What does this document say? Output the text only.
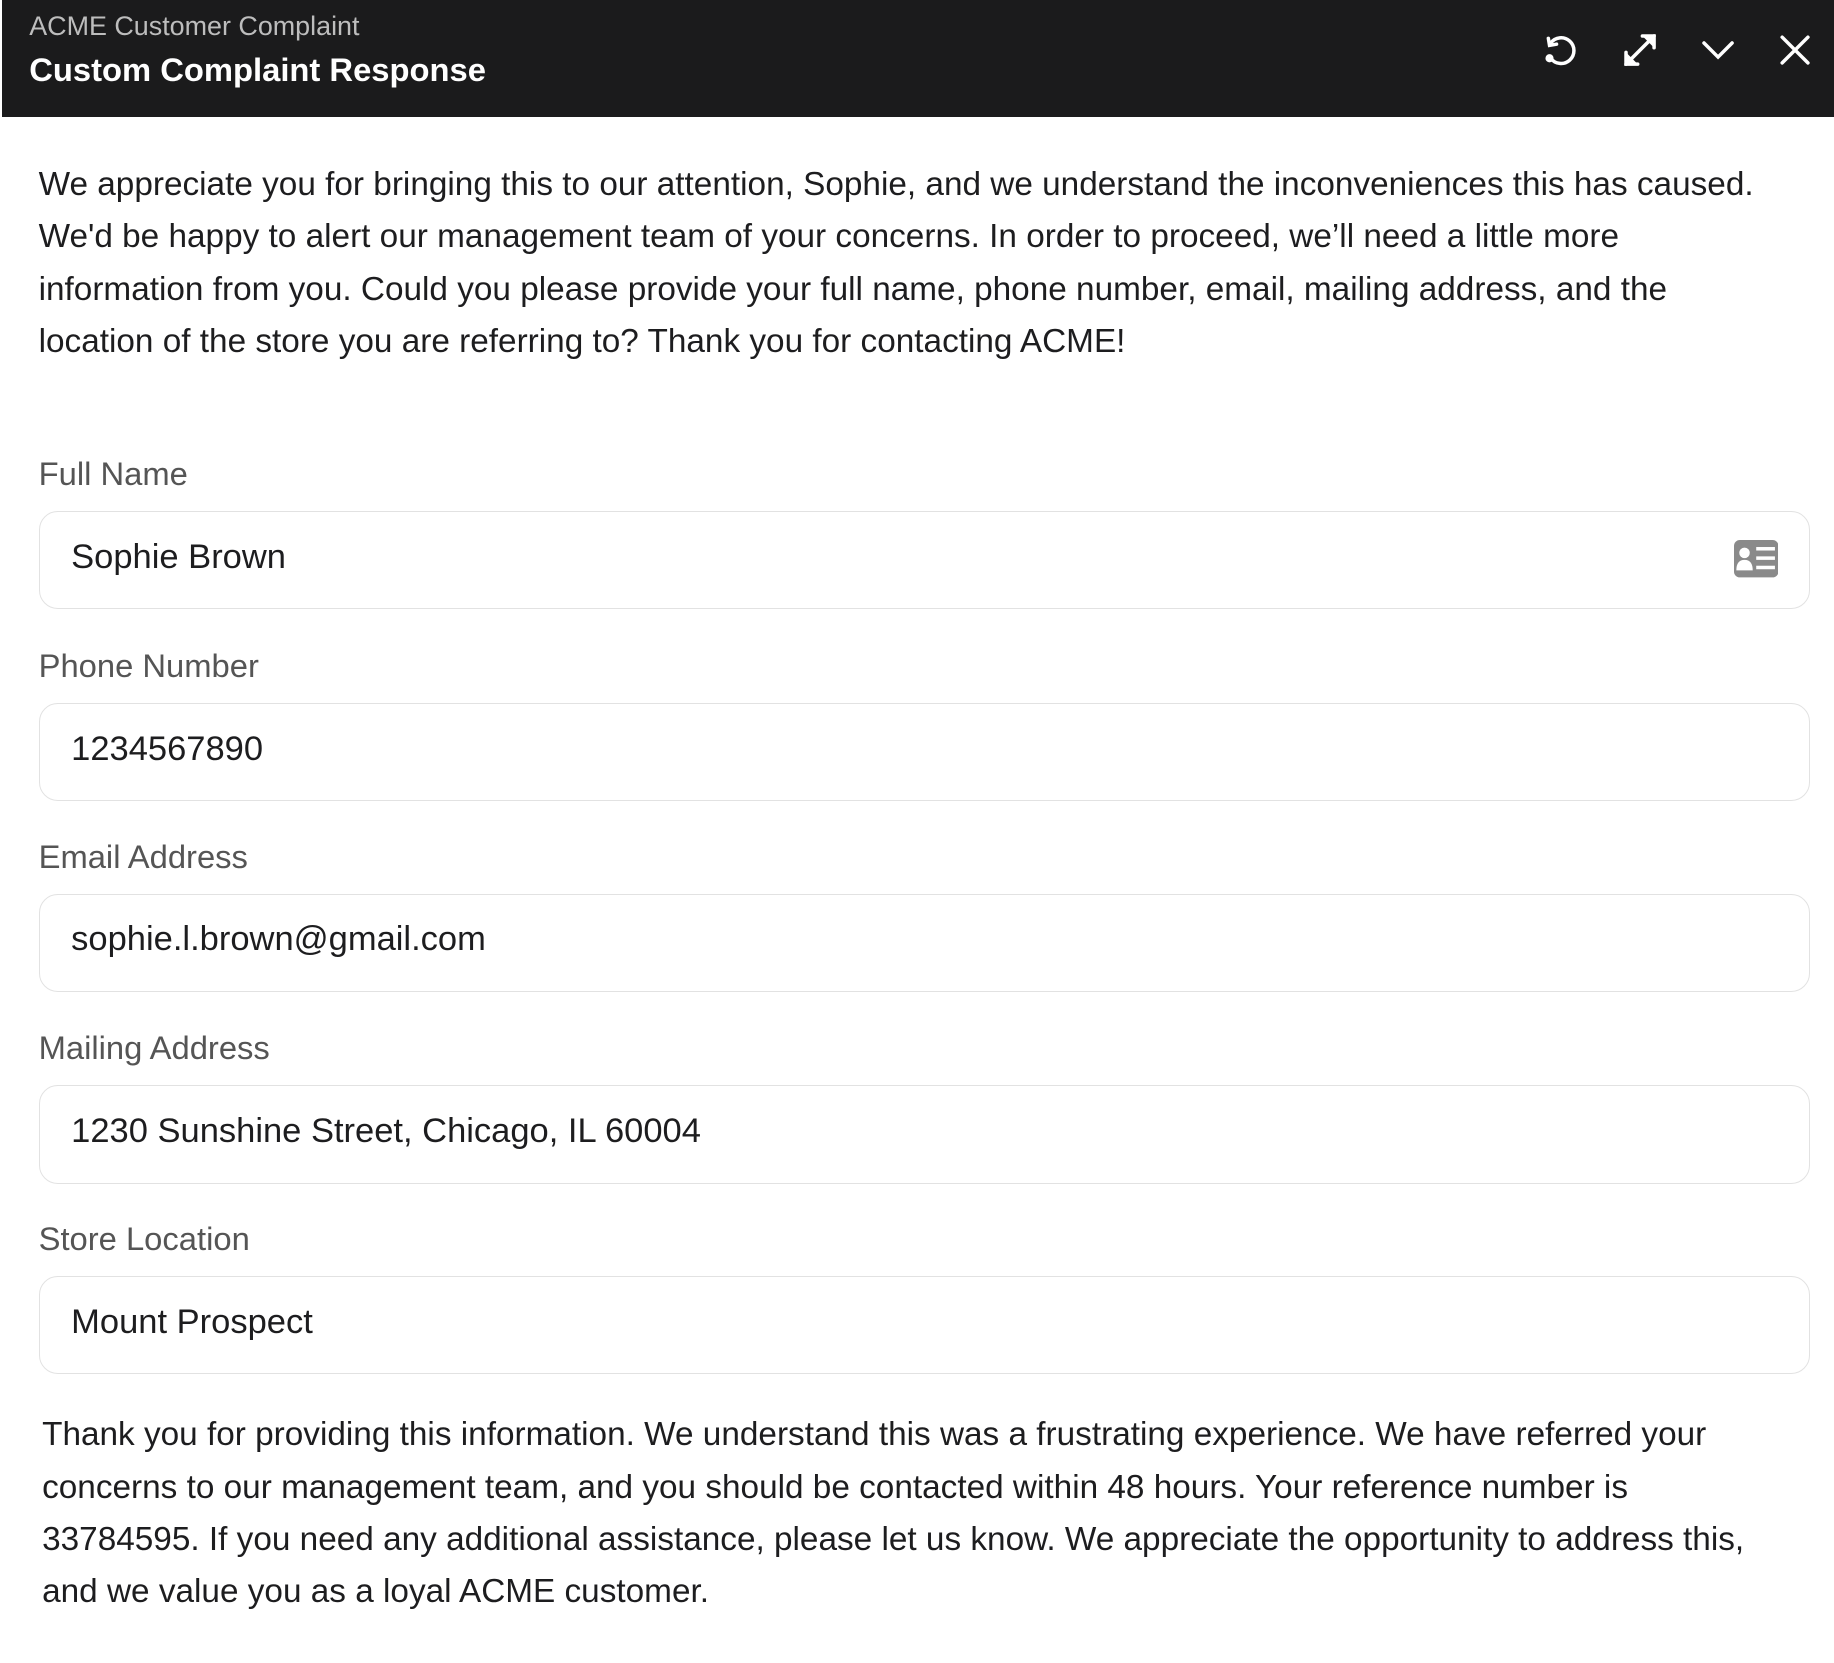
ACME Customer Complaint
Custom Complaint Response
We appreciate you for bringing this to our attention, Sophie, and we understand the inconveniences this has caused. We'd be happy to alert our management team of your concerns. In order to proceed, we’ll need a little more information from you. Could you please provide your full name, phone number, email, mailing address, and the location of the store you are referring to? Thank you for contacting ACME!
Full Name
Sophie Brown
Phone Number
1234567890
Email Address
sophie.l.brown@gmail.com
Mailing Address
1230 Sunshine Street, Chicago, IL 60004
Store Location
Mount Prospect
Thank you for providing this information. We understand this was a frustrating experience. We have referred your concerns to our management team, and you should be contacted within 48 hours. Your reference number is 33784595. If you need any additional assistance, please let us know. We appreciate the opportunity to address this, and we value you as a loyal ACME customer.
